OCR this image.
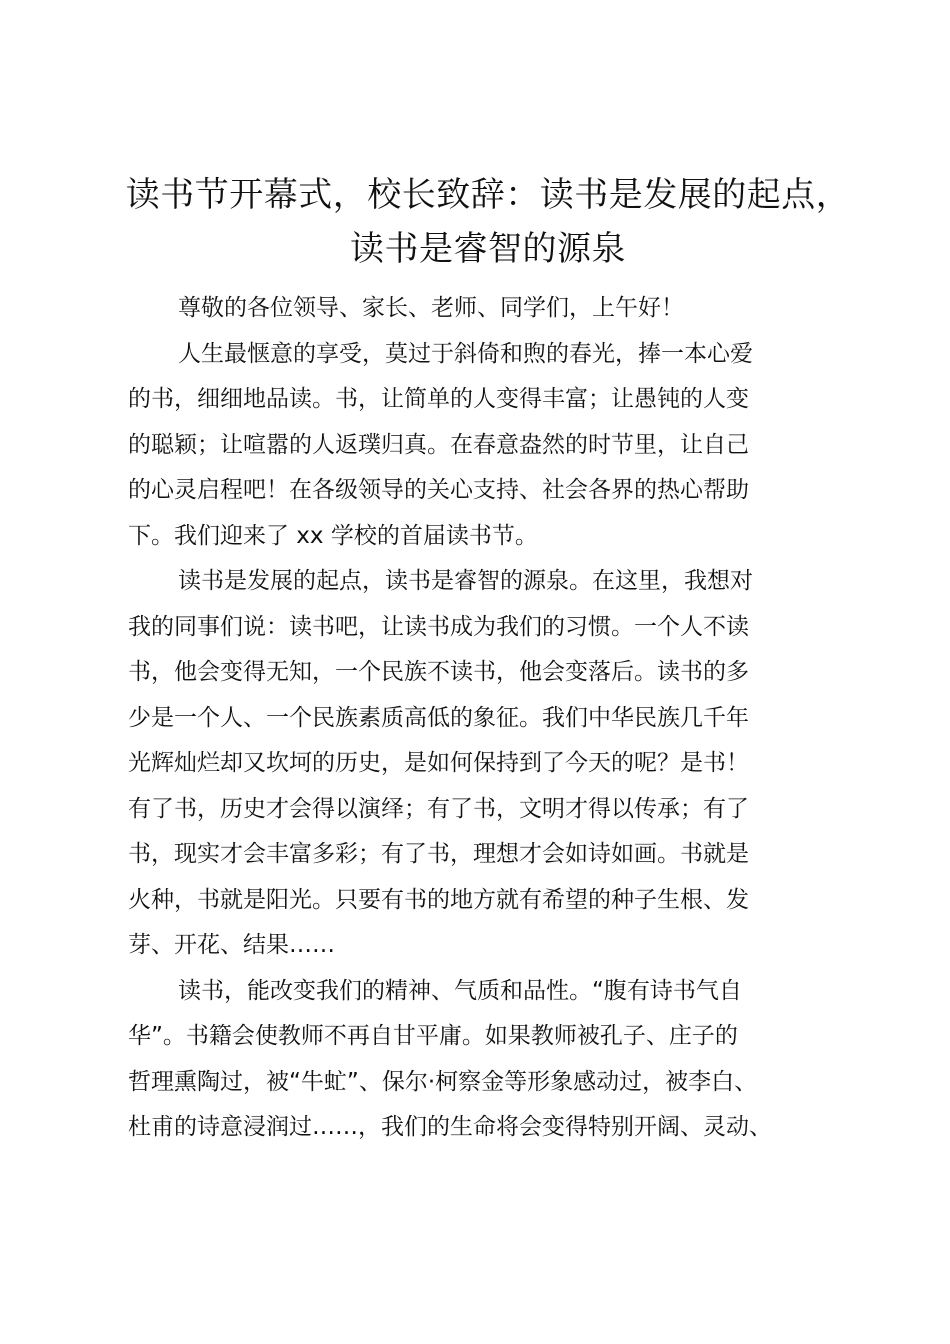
读书节开幕式，校长致辞：读书是发展的起点，
读书是睿智的源泉
尊敬的各位领导、家长、老师、同学们，上午好！
人生最惬意的享受，莫过于斜倚和煦的春光，捧一本心爱
的书，细细地品读。书，让简单的人变得丰富；让愚钝的人变
的聪颖；让喧嚣的人返璞归真。在春意盎然的时节里，让自己
的心灵启程吧！在各级领导的关心支持、社会各界的热心帮助
下。我们迎来了 xx 学校的首届读书节。
读书是发展的起点，读书是睿智的源泉。在这里，我想对
我的同事们说：读书吧，让读书成为我们的习惯。一个人不读
书，他会变得无知，一个民族不读书，他会变落后。读书的多
少是一个人、一个民族素质高低的象征。我们中华民族几千年
光辉灿烂却又坎坷的历史，是如何保持到了今天的呢？是书！
有了书，历史才会得以演绎；有了书，文明才得以传承；有了
书，现实才会丰富多彩；有了书，理想才会如诗如画。书就是
火种，书就是阳光。只要有书的地方就有希望的种子生根、发
芽、开花、结果……
读书，能改变我们的精神、气质和品性。“腹有诗书气自
华”。书籍会使教师不再自甘平庸。如果教师被孔子、庄子的
哲理熏陶过，被“牛虻”、保尔·柯察金等形象感动过，被李白、
杜甫的诗意浸润过……，我们的生命将会变得特别开阔、灵动、
